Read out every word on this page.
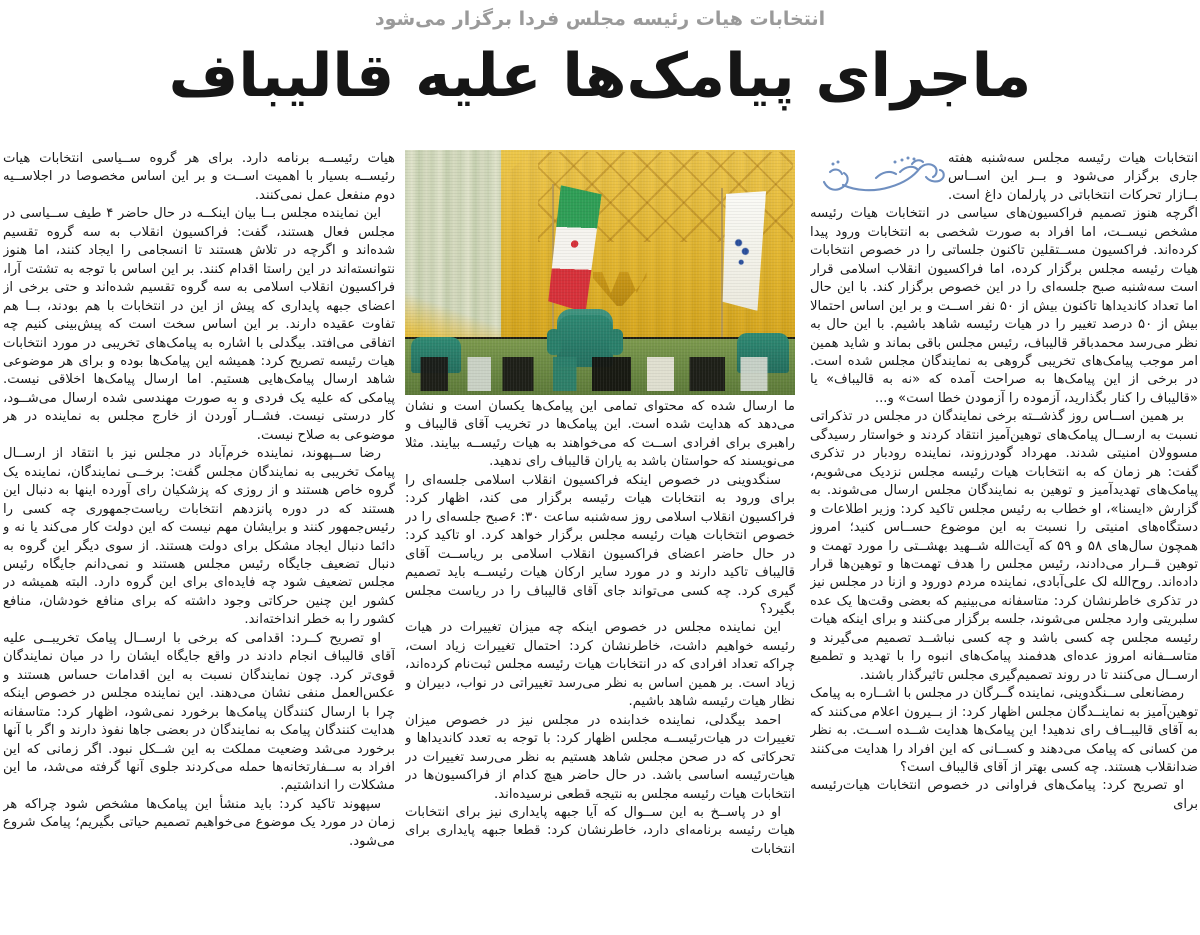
انتخابات هیات رئیسه مجلس فردا برگزار می‌شود
ماجرای پیامک‌ها علیه قالیباف

انتخابات هیات رئیسه مجلس سه‌شنبه هفته جاری برگزار می‌شود و بــر این اســاس بــازار تحرکات انتخاباتی در پارلمان داغ است. اگرچه هنوز تصمیم فراکسیون‌های سیاسی در انتخابات هیات رئیسه مشخص نیســت، اما افراد به صورت شخصی به انتخابات ورود پیدا کرده‌اند. فراکسیون مســتقلین تاکنون جلساتی را در خصوص انتخابات هیات رئیسه مجلس برگزار کرده، اما فراکسیون انقلاب اسلامی قرار است سه‌شنبه صبح جلسه‌ای را در این خصوص برگزار کند. با این حال اما تعداد کاندیداها تاکنون بیش از ۵۰ نفر اســت و بر این اساس احتمالا بیش از ۵۰ درصد تغییر را در هیات رئیسه شاهد باشیم. با این حال به نظر می‌رسد محمدباقر قالیباف، رئیس مجلس باقی بماند و شاید همین امر موجب پیامک‌های تخریبی گروهی به نمایندگان مجلس شده است. در برخی از این پیامک‌ها به صراحت آمده که «نه به قالیباف» یا «قالیباف را کنار بگذارید، آزموده را آزمودن خطا است» و...

بر همین اســاس روز گذشــته برخی نمایندگان در مجلس در تذکراتی نسبت به ارســال پیامک‌های توهین‌آمیز انتقاد کردند و خواستار رسیدگی مسوولان امنیتی شدند. مهرداد گودرزوند، نماینده رودبار در تذکری گفت: هر زمان که به انتخابات هیات رئیسه مجلس نزدیک می‌شویم، پیامک‌های تهدیدآمیز و توهین به نمایندگان مجلس ارسال می‌شوند. به گزارش «ایسنا»، او خطاب به رئیس مجلس تاکید کرد: وزیر اطلاعات و دستگاه‌های امنیتی را نسبت به این موضوع حســاس کنید؛ امروز همچون سال‌های ۵۸ و ۵۹ که آیت‌الله شــهید بهشــتی را مورد تهمت و توهین قــرار می‌دادند، رئیس مجلس را هدف تهمت‌ها و توهین‌ها قرار داده‌اند. روح‌الله لک علی‌آبادی، نماینده مردم دورود و ازنا در مجلس نیز در تذکری خاطرنشان کرد: متاسفانه می‌بینیم که بعضی وقت‌ها یک عده سلبریتی وارد مجلس می‌شوند، جلسه برگزار می‌کنند و برای اینکه هیات رئیسه مجلس چه کسی باشد و چه کسی نباشــد تصمیم می‌گیرند و متاســفانه امروز عده‌ای هدفمند پیامک‌های انبوه را با تهدید و تطمیع ارســال می‌کنند تا در روند تصمیم‌گیری مجلس تاثیرگذار باشند.

رمضانعلی ســنگدوینی، نماینده گــرگان در مجلس با اشــاره به پیامک توهین‌آمیز به نماینــدگان مجلس اظهار کرد: از بــیرون اعلام می‌کنند که به آقای قالیبــاف رای ندهید! این پیامک‌ها هدایت شــده اســت. به نظر من کسانی که پیامک می‌دهند و کســانی که این افراد را هدایت می‌کنند ضدانقلاب هستند. چه کسی بهتر از آقای قالیباف است؟

او تصریح کرد: پیامک‌های فراوانی در خصوص انتخابات هیات‌رئیسه برای

ما ارسال شده که محتوای تمامی این پیامک‌ها یکسان است و نشان می‌دهد که هدایت شده است. این پیامک‌ها در تخریب آقای قالیباف و راهبری برای افرادی اســت که می‌خواهند به هیات رئیســه بیایند. مثلا می‌نویسند که حواستان باشد به یاران قالیباف رای ندهید.

سنگدوینی در خصوص اینکه فراکسیون انقلاب اسلامی جلسه‌ای را برای ورود به انتخابات هیات رئیسه برگزار می کند، اظهار کرد: فراکسیون انقلاب اسلامی روز سه‌شنبه ساعت ۳۰: ۶صبح جلسه‌ای را در خصوص انتخابات هیات رئیسه مجلس برگزار خواهد کرد. او تاکید کرد: در حال حاضر اعضای فراکسیون انقلاب اسلامی بر ریاســت آقای قالیباف تاکید دارند و در مورد سایر ارکان هیات رئیســه باید تصمیم گیری کرد. چه کسی می‌تواند جای آقای قالیباف را در ریاست مجلس بگیرد؟

این نماینده مجلس در خصوص اینکه چه میزان تغییرات در هیات رئیسه خواهیم داشت، خاطرنشان کرد: احتمال تغییرات زیاد است، چراکه تعداد افرادی که در انتخابات هیات رئیسه مجلس ثبت‌نام کرده‌اند، زیاد است. بر همین اساس به نظر می‌رسد تغییراتی در نواب، دبیران و نظار هیات رئیسه شاهد باشیم.

احمد بیگدلی، نماینده خدابنده در مجلس نیز در خصوص میزان تغییرات در هیات‌رئیســه مجلس اظهار کرد: با توجه به تعدد کاندیداها و تحرکاتی که در صحن مجلس شاهد هستیم به نظر می‌رسد تغییرات در هیات‌رئیسه اساسی باشد. در حال حاضر هیچ کدام از فراکسیون‌ها در انتخابات هیات رئیسه مجلس به نتیجه قطعی نرسیده‌اند.

او در پاســخ به این ســوال که آیا جبهه پایداری نیز برای انتخابات هیات رئیسه برنامه‌ای دارد، خاطرنشان کرد: قطعا جبهه پایداری برای انتخابات

هیات رئیســه برنامه دارد. برای هر گروه ســیاسی انتخابات هیات رئیســه بسیار با اهمیت اســت و بر این اساس مخصوصا در اجلاســیه دوم منفعل عمل نمی‌کنند.

این نماینده مجلس بــا بیان اینکــه در حال حاضر ۴ طیف ســیاسی در مجلس فعال هستند، گفت: فراکسیون انقلاب به سه گروه تقسیم شده‌اند و اگرچه در تلاش هستند تا انسجامی را ایجاد کنند، اما هنوز نتوانسته‌اند در این راستا اقدام کنند. بر این اساس با توجه به تشتت آرا، فراکسیون انقلاب اسلامی به سه گروه تقسیم شده‌اند و حتی برخی از اعضای جبهه پایداری که پیش از این در انتخابات با هم بودند، بــا هم تفاوت عقیده دارند. بر این اساس سخت است که پیش‌بینی کنیم چه اتفاقی می‌افتد. بیگدلی با اشاره به پیامک‌های تخریبی در مورد انتخابات هیات رئیسه تصریح کرد: همیشه این پیامک‌ها بوده و برای هر موضوعی شاهد ارسال پیامک‌هایی هستیم. اما ارسال پیامک‌ها اخلاقی نیست. پیامکی که علیه یک فردی و به صورت مهندسی شده ارسال می‌شــود، کار درستی نیست. فشــار آوردن از خارج مجلس به نماینده در هر موضوعی به صلاح نیست.

رضا ســپهوند، نماینده خرم‌آباد در مجلس نیز با انتقاد از ارســال پیامک تخریبی به نمایندگان مجلس گفت: برخــی نمایندگان، نماینده یک گروه خاص هستند و از روزی که پزشکیان رای آورده اینها به دنبال این هستند که در دوره پانزدهم انتخابات ریاست‌جمهوری چه کسی را رئیس‌جمهور کنند و برایشان مهم نیست که این دولت کار می‌کند یا نه و دائما دنبال ایجاد مشکل برای دولت هستند. از سوی دیگر این گروه به دنبال تضعیف جایگاه رئیس مجلس هستند و نمی‌دانم جایگاه رئیس مجلس تضعیف شود چه فایده‌ای برای این گروه دارد. البته همیشه در کشور این چنین حرکاتی وجود داشته که برای منافع خودشان، منافع کشور را به خطر انداخته‌اند.

او تصریح کــرد: اقدامی که برخی با ارســال پیامک تخریبــی علیه آقای قالیباف انجام دادند در واقع جایگاه ایشان را در میان نمایندگان قوی‌تر کرد. چون نمایندگان نسبت به این اقدامات حساس هستند و عکس‌العمل منفی نشان می‌دهند. این نماینده مجلس در خصوص اینکه چرا با ارسال کنندگان پیامک‌ها برخورد نمی‌شود، اظهار کرد: متاسفانه هدایت کنندگان پیامک به نمایندگان در بعضی جاها نفوذ دارند و اگر با آنها برخورد می‌شد وضعیت مملکت به این شــکل نبود. اگر زمانی که این افراد به ســفارتخانه‌ها حمله می‌کردند جلوی آنها گرفته می‌شد، ما این مشکلات را انداشتیم.

سپهوند تاکید کرد: باید منشأ این پیامک‌ها مشخص شود چراکه هر زمان در مورد یک موضوع می‌خواهیم تصمیم حیاتی بگیریم؛ پیامک شروع می‌شود.
